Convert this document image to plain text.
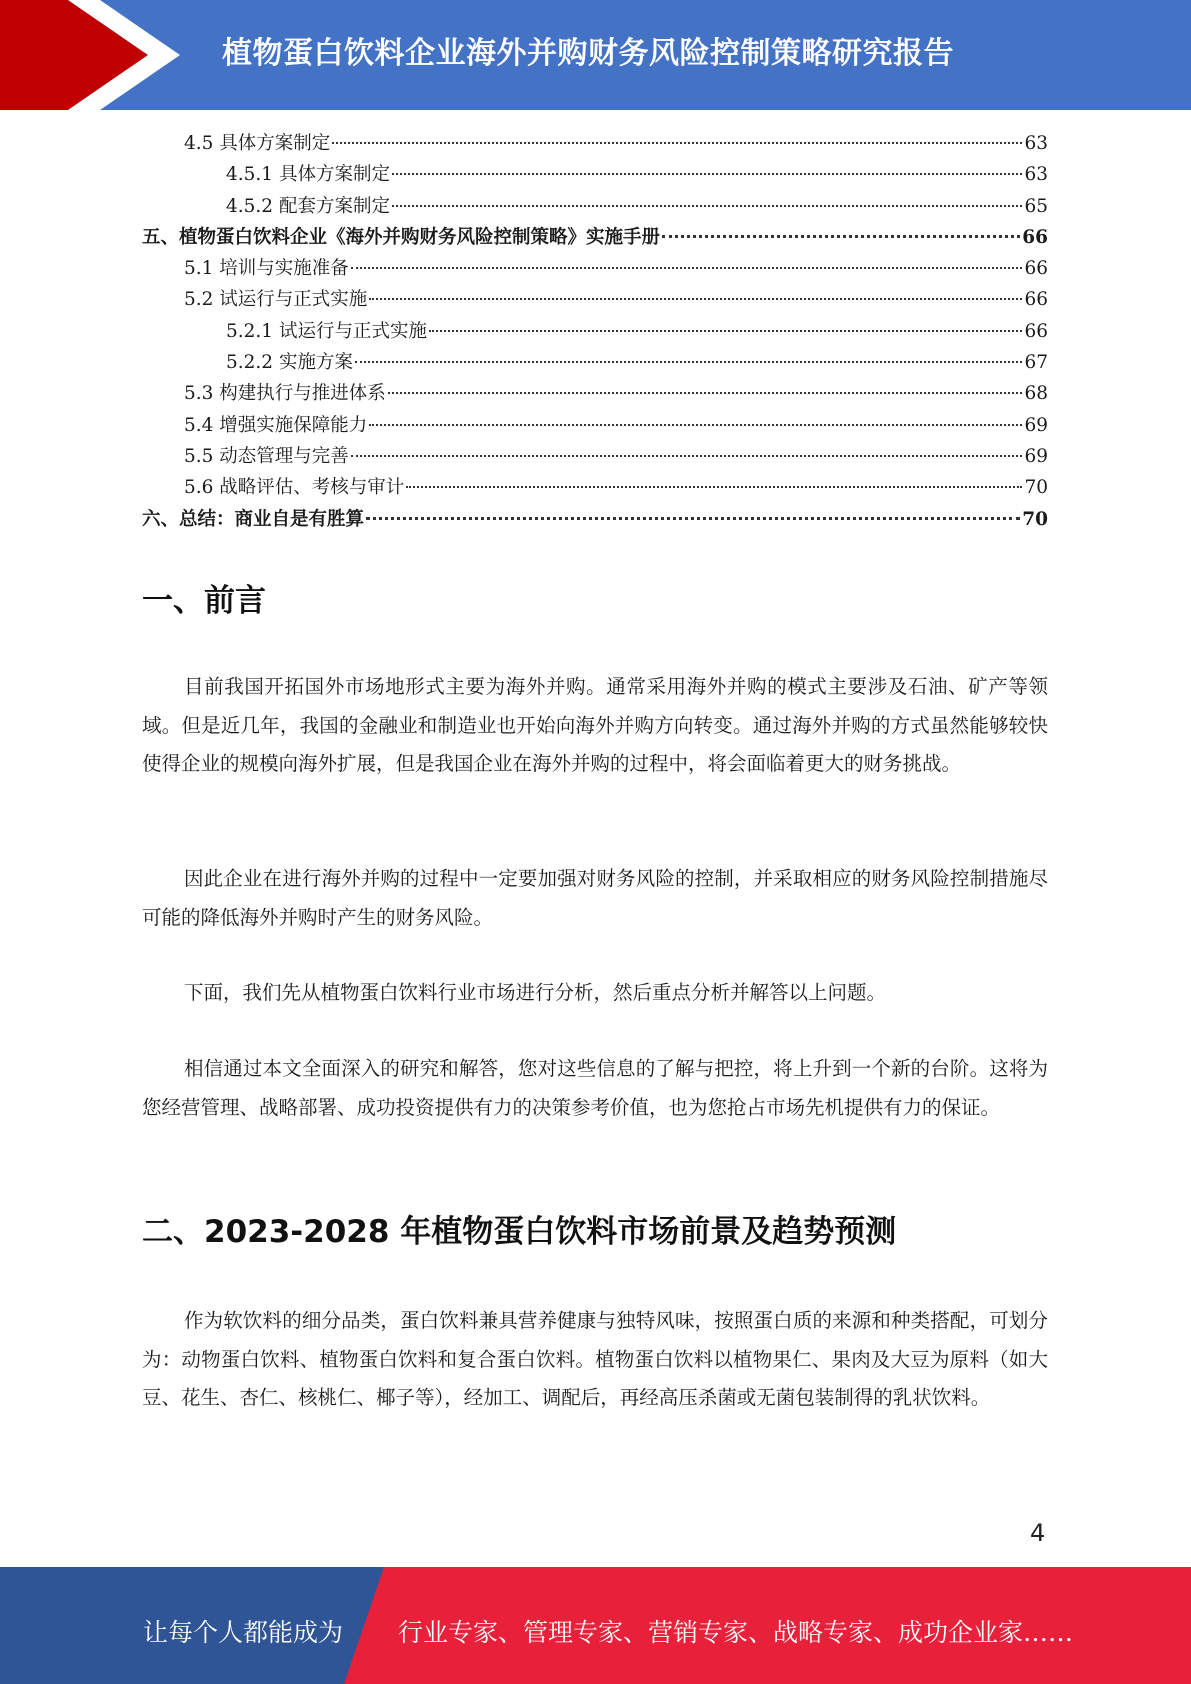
植物蛋白饮料企业海外并购财务风险控制策略研究报告
4.5 具体方案制定	63
4.5.1 具体方案制定	63
4.5.2 配套方案制定	65
五、植物蛋白饮料企业《海外并购财务风险控制策略》实施手册	66
5.1 培训与实施准备	66
5.2 试运行与正式实施	66
5.2.1 试运行与正式实施	66
5.2.2 实施方案	67
5.3 构建执行与推进体系	68
5.4 增强实施保障能力	69
5.5 动态管理与完善	69
5.6 战略评估、考核与审计	70
六、总结：商业自是有胜算	70
一、前言
目前我国开拓国外市场地形式主要为海外并购。通常采用海外并购的模式主要涉及石油、矿产等领域。但是近几年，我国的金融业和制造业也开始向海外并购方向转变。通过海外并购的方式虽然能够较快使得企业的规模向海外扩展，但是我国企业在海外并购的过程中，将会面临着更大的财务挑战。
因此企业在进行海外并购的过程中一定要加强对财务风险的控制，并采取相应的财务风险控制措施尽可能的降低海外并购时产生的财务风险。
下面，我们先从植物蛋白饮料行业市场进行分析，然后重点分析并解答以上问题。
相信通过本文全面深入的研究和解答，您对这些信息的了解与把控，将上升到一个新的台阶。这将为您经营管理、战略部署、成功投资提供有力的决策参考价值，也为您抢占市场先机提供有力的保证。
二、2023-2028 年植物蛋白饮料市场前景及趋势预测
作为软饮料的细分品类，蛋白饮料兼具营养健康与独特风味，按照蛋白质的来源和种类搭配，可划分为：动物蛋白饮料、植物蛋白饮料和复合蛋白饮料。植物蛋白饮料以植物果仁、果肉及大豆为原料（如大豆、花生、杏仁、核桃仁、椰子等），经加工、调配后，再经高压杀菌或无菌包装制得的乳状饮料。
4
让每个人都能成为 行业专家、管理专家、营销专家、战略专家、成功企业家……
